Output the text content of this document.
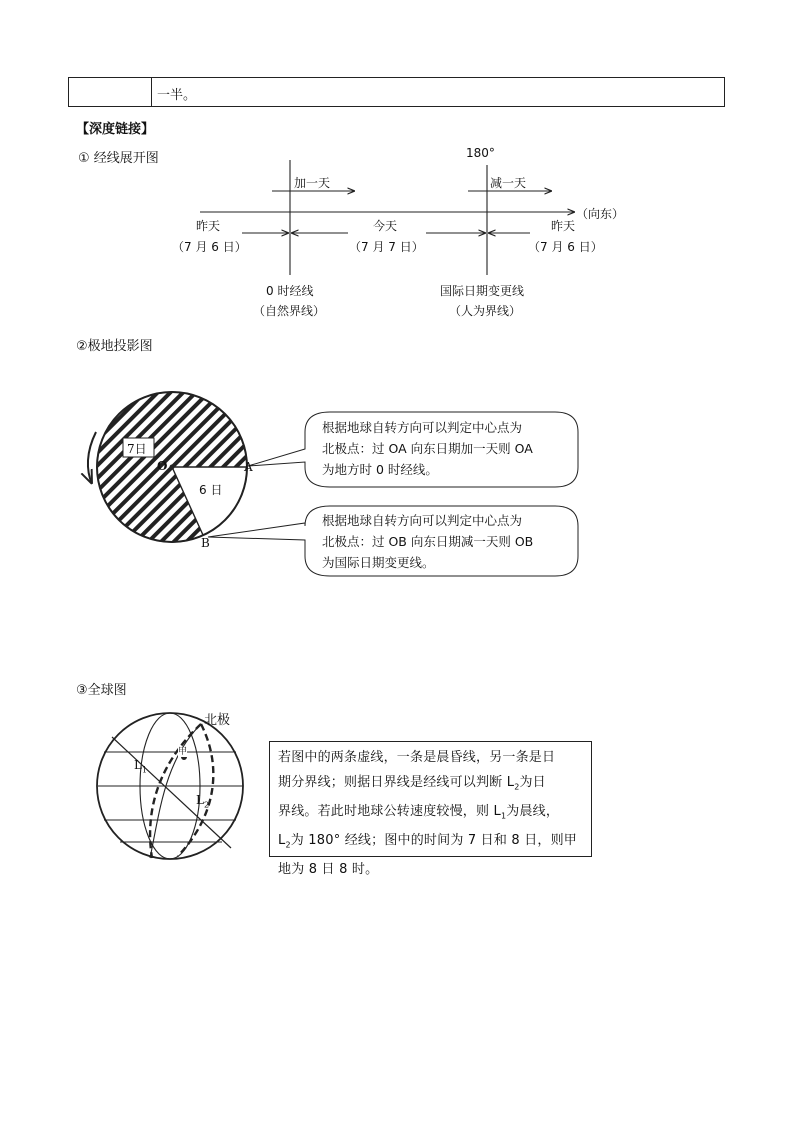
一半。
【深度链接】
① 经线展开图	180°
（向东）
加一天	减一天
昨天
（7 月 6 日）
今天
（7 月 7 日）
昨天
（7 月 6 日）
0 时经线
（自然界线）
国际日期变更线
（人为界线）
②极地投影图
7日
6 日
O	A
B
根据地球自转方向可以判定中心点为
北极点：过 OA 向东日期加一天则 OA
为地方时 0 时经线。
根据地球自转方向可以判定中心点为
北极点：过 OB 向东日期减一天则 OB
为国际日期变更线。
③全球图
北极
甲
$L_1$
$L_2$
若图中的两条虚线，一条是晨昏线，另一条是日
期分界线；则据日界线是经线可以判断 $L_2$为日
界线。若此时地球公转速度较慢，则 $L_1$为晨线，
$L_2$为 180° 经线；图中的时间为 7 日和 8 日，则甲
地为 8 日 8 时。
